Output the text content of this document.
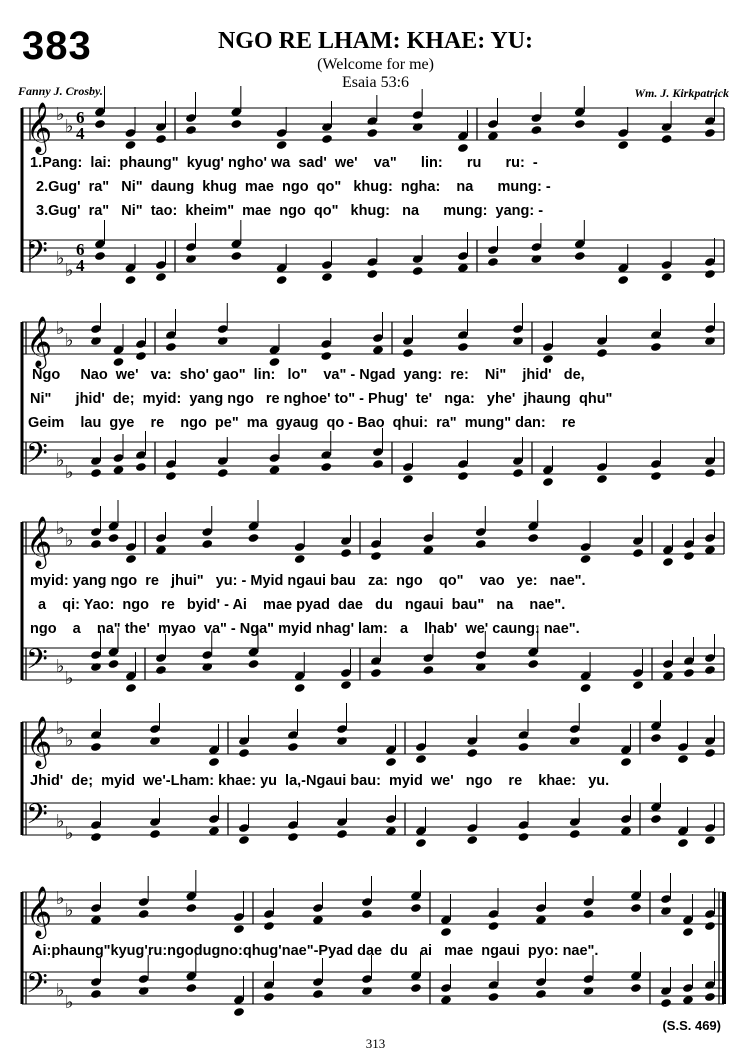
383	NGO RE LHAM: KHAE: YU:
(Welcome for me)
Esaia 53:6
Fanny J. Crosby.	Wm. J. Kirkpatrick
𝄞 ♭
♭
𝄢 ♭
♭
𝄞 ♭
♭
𝄢 ♭
♭
𝄞 ♭
♭
𝄢 ♭
♭
𝄞 ♭
♭
𝄢 ♭
♭
𝄞 ♭
♭
𝄢 ♭
♭
6
4
6
4
1.Pang:  lai:  phaung"  kyug' ngho' wa  sad'  we'    va"      lin:      ru      ru:  -
2.Gug'  ra"   Ni"  daung  khug  mae  ngo  qo"   khug:  ngha:    na      mung: -
3.Gug'  ra"   Ni"  tao:  kheim"  mae  ngo  qo"   khug:   na      mung:  yang: -
Ngo     Nao  we'   va:  sho' gao"  lin:   lo"    va" - Ngad  yang:  re:    Ni"    jhid'   de,
Ni"      jhid'  de;  myid:  yang ngo   re nghoe' to" - Phug'  te'   nga:   yhe'  jhaung  qhu"
Geim    lau  gye    re    ngo  pe"  ma  gyaug  qo - Bao  qhui:  ra"  mung" dan:    re
myid: yang ngo  re   jhui"   yu: - Myid ngaui bau   za:  ngo    qo"    vao   ye:   nae".
a    qi: Yao:  ngo   re   byid' - Ai    mae pyad  dae   du   ngaui  bau"   na    nae".
ngo    a    na" the'  myao  va" - Nga" myid nhag' lam:   a    lhab'  we' caung: nae".
Jhid'  de;  myid  we'-Lham: khae: yu  la,-Ngaui bau:  myid  we'   ngo    re    khae:   yu.
Ai:phaung"kyug'ru:ngodugno:qhug'nae"-Pyad dae  du   ai   mae  ngaui  pyo: nae".
(S.S. 469)
313
